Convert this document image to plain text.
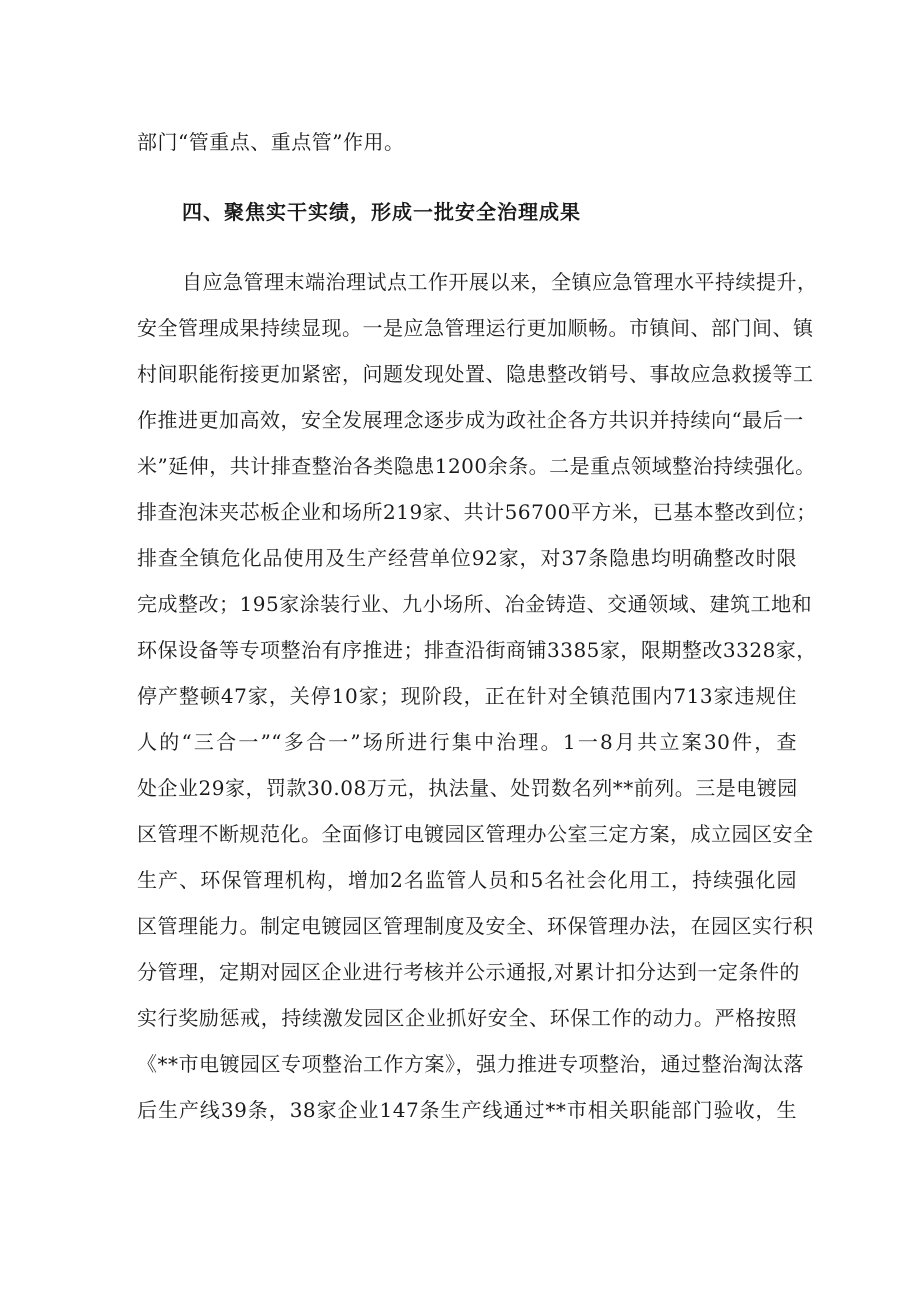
部门“管重点、重点管”作用。
四、聚焦实干实绩，形成一批安全治理成果
自应急管理末端治理试点工作开展以来，全镇应急管理水平持续提升，
安全管理成果持续显现。一是应急管理运行更加顺畅。市镇间、部门间、镇
村间职能衔接更加紧密，问题发现处置、隐患整改销号、事故应急救援等工
作推进更加高效，安全发展理念逐步成为政社企各方共识并持续向“最后一
米”延伸，共计排查整治各类隐患1200余条。二是重点领域整治持续强化。
排查泡沫夹芯板企业和场所219家、共计56700平方米，已基本整改到位；
排查全镇危化品使用及生产经营单位92家，对37条隐患均明确整改时限
完成整改；195家涂装行业、九小场所、冶金铸造、交通领域、建筑工地和
环保设备等专项整治有序推进；排查沿街商铺3385家，限期整改3328家，
停产整顿47家，关停10家；现阶段，正在针对全镇范围内713家违规住
人的“三合一”“多合一”场所进行集中治理。1一8月共立案30件，查
处企业29家，罚款30.08万元，执法量、处罚数名列**前列。三是电镀园
区管理不断规范化。全面修订电镀园区管理办公室三定方案，成立园区安全
生产、环保管理机构，增加2名监管人员和5名社会化用工，持续强化园
区管理能力。制定电镀园区管理制度及安全、环保管理办法，在园区实行积
分管理，定期对园区企业进行考核并公示通报,对累计扣分达到一定条件的
实行奖励惩戒，持续激发园区企业抓好安全、环保工作的动力。严格按照
《**市电镀园区专项整治工作方案》，强力推进专项整治，通过整治淘汰落
后生产线39条，38家企业147条生产线通过**市相关职能部门验收，生
